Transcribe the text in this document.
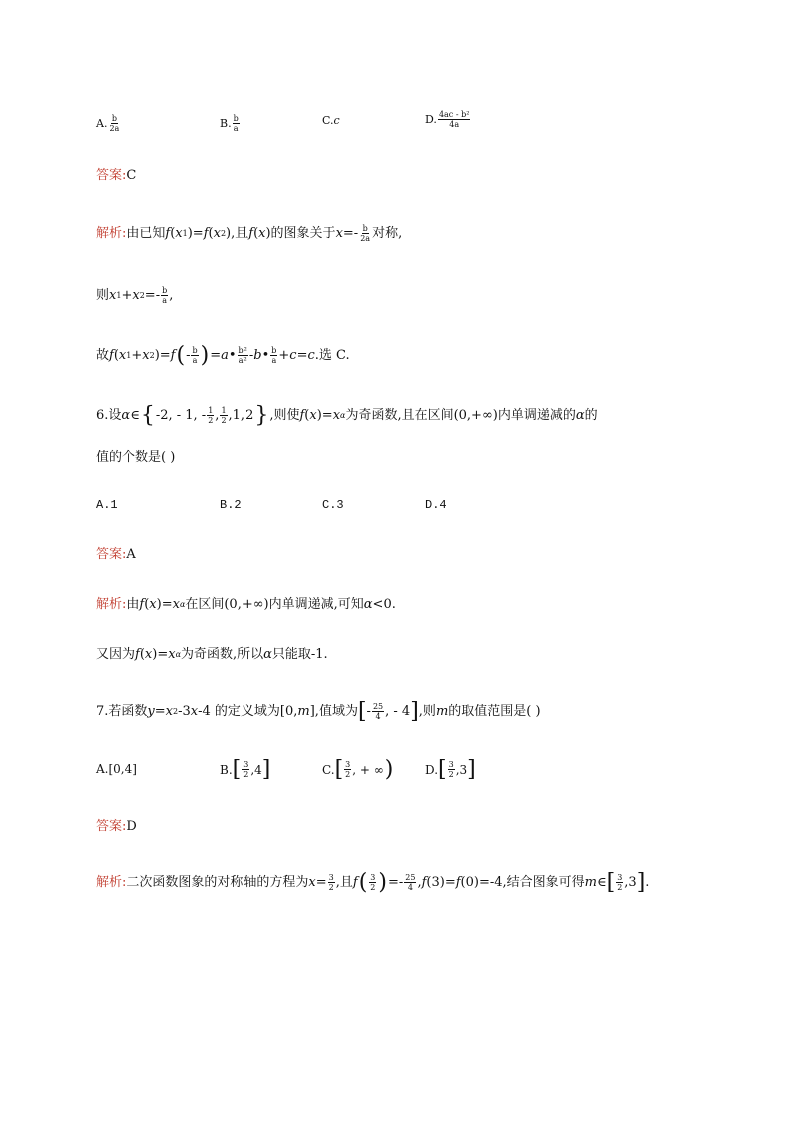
A. $\frac{b}{2a}$	B. $\frac{b}{a}$	C. c	D. $\frac{\text{4ac - b²}}{4a}$
答案: C
解析: 由已知 f ( x 1 )= f ( x 2 ),且 f ( x )的图象关于 $x =- \frac{b}{2a}$ 对称,
则 x 1 + x $2 =- \frac{b}{a}$ ,
故 f ( x 1 + x 2 )= f ( - $\frac{b}{a}$ ) = a • $\frac{\text{b²}}{\text{a²}}$ - b • $\frac{b}{a} + c = c$ .选 C.
6.设 α ∈ { -2, - 1, - $\frac{1}{2}$ , $\frac{1}{2} ,1,2$ } ,则使 f ( x )= x α 为奇函数,且在区间(0,+∞)内单调递减的 α 的
值的个数是( )
A.1	B.2	C.3	D.4
答案: A
解析: 由 f ( x )= x α 在区间(0,+∞)内单调递减,可知 α <0.
又因为 f ( x )= x α 为奇函数,所以 α 只能取-1.
7.若函数 y = x 2 -3 x -4 的定义域为[0, m ],值域为 [ - $\frac{25}{4}$ , - 4 ] ,则 m 的取值范围是( )
A.[0,4]	B. [ $\frac{3}{2} ,4$ ]	C. [ $\frac{3}{2}$ , + ∞ )	D. [ $\frac{3}{2} ,3$ ]
答案: D
解析: 二次函数图象的对称轴的方程为 $x = \frac{3}{2}$ ,且 f ( $\frac{3}{2}$ ) =- $\frac{25}{4}$ , f (3)= f (0)=-4,结合图象可得 m ∈ [ $\frac{3}{2} ,3$ ] .
